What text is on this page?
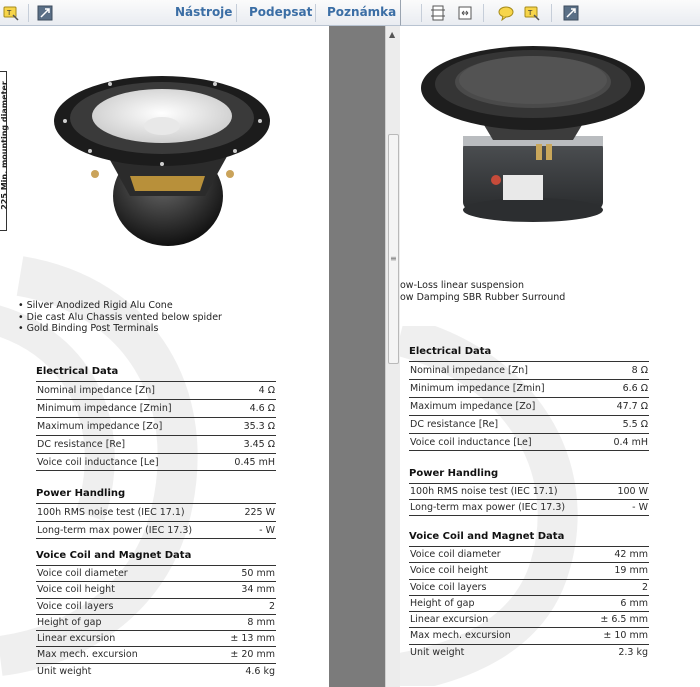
T	Nástroje Podepsat Poznámka
225 Min. mounting diameter
• Silver Anodized Rigid Alu Cone
• Die cast Alu Chassis vented below spider
• Gold Binding Post Terminals
Electrical Data
Nominal impedance [Zn]	4 Ω
Minimum impedance [Zmin]	4.6 Ω
Maximum impedance [Zo]	35.3 Ω
DC resistance [Re]	3.45 Ω
Voice coil inductance [Le]	0.45 mH
Power Handling
100h RMS noise test (IEC 17.1)	225 W
Long-term max power (IEC 17.3)	- W
Voice Coil and Magnet Data
Voice coil diameter	50 mm
Voice coil height	34 mm
Voice coil layers	2
Height of gap	8 mm
Linear excursion	± 13 mm
Max mech. excursion	± 20 mm
Unit weight	4.6 kg
▲
≡
ow-Loss linear suspension
ow Damping SBR Rubber Surround
Electrical Data
Nominal impedance [Zn]	8 Ω
Minimum impedance [Zmin]	6.6 Ω
Maximum impedance [Zo]	47.7 Ω
DC resistance [Re]	5.5 Ω
Voice coil inductance [Le]	0.4 mH
Power Handling
100h RMS noise test (IEC 17.1)	100 W
Long-term max power (IEC 17.3)	- W
Voice Coil and Magnet Data
Voice coil diameter	42 mm
Voice coil height	19 mm
Voice coil layers	2
Height of gap	6 mm
Linear excursion	± 6.5 mm
Max mech. excursion	± 10 mm
Unit weight	2.3 kg
T
